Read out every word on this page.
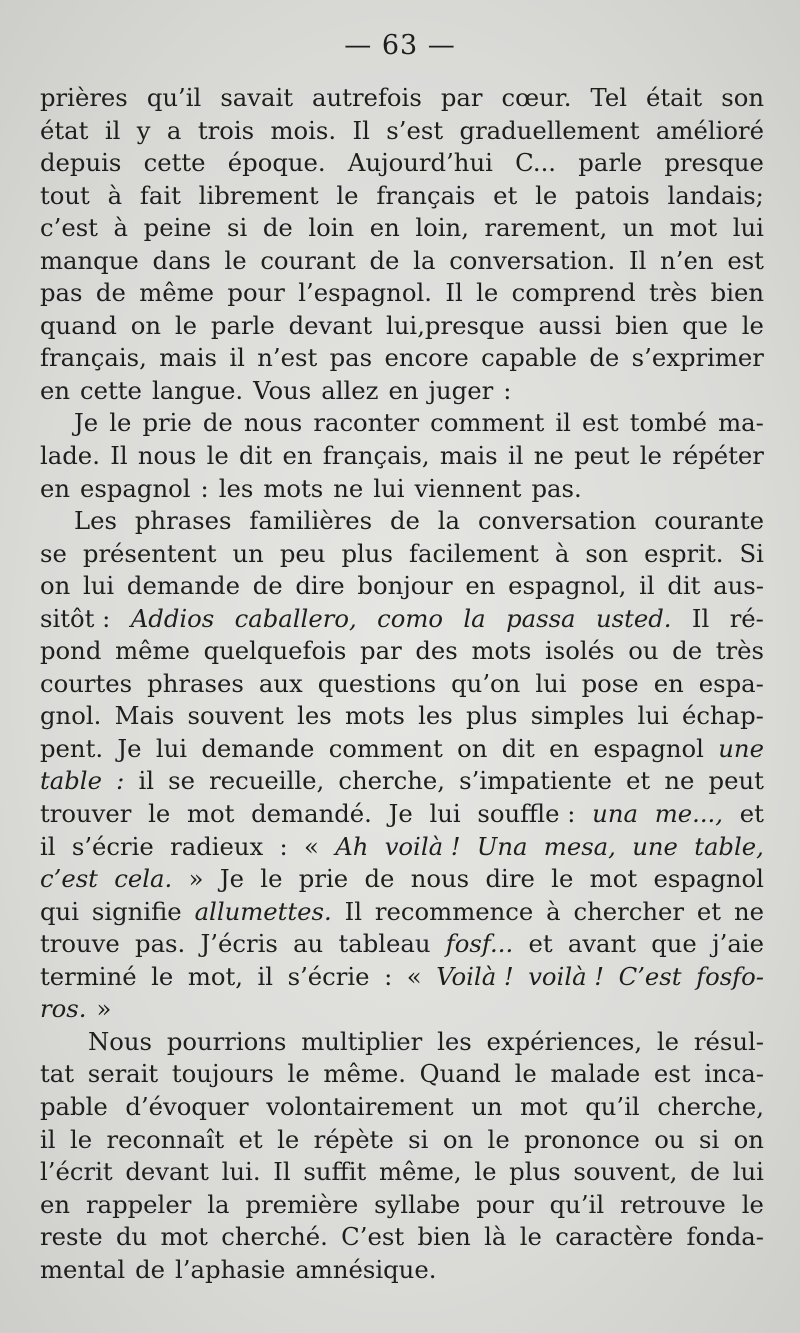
— 63 —
prières qu’il savait autrefois par cœur. Tel était son
état il y a trois mois. Il s’est graduellement amélioré
depuis cette époque. Aujourd’hui C... parle presque
tout à fait librement le français et le patois landais;
c’est à peine si de loin en loin, rarement, un mot lui
manque dans le courant de la conversation. Il n’en est
pas de même pour l’espagnol. Il le comprend très bien
quand on le parle devant lui,presque aussi bien que le
français, mais il n’est pas encore capable de s’exprimer
en cette langue. Vous allez en juger :
Je le prie de nous raconter comment il est tombé ma-
lade. Il nous le dit en français, mais il ne peut le répéter
en espagnol : les mots ne lui viennent pas.
Les phrases familières de la conversation courante
se présentent un peu plus facilement à son esprit. Si
on lui demande de dire bonjour en espagnol, il dit aus-
sitôt : Addios caballero, como la passa usted. Il ré-
pond même quelquefois par des mots isolés ou de très
courtes phrases aux questions qu’on lui pose en espa-
gnol. Mais souvent les mots les plus simples lui échap-
pent. Je lui demande comment on dit en espagnol une
table : il se recueille, cherche, s’impatiente et ne peut
trouver le mot demandé. Je lui souffle : una me..., et
il s’écrie radieux : « Ah voilà ! Una mesa, une table,
c’est cela. » Je le prie de nous dire le mot espagnol
qui signifie allumettes. Il recommence à chercher et ne
trouve pas. J’écris au tableau fosf... et avant que j’aie
terminé le mot, il s’écrie : « Voilà ! voilà ! C’est fosfo-
ros. »
Nous pourrions multiplier les expériences, le résul-
tat serait toujours le même. Quand le malade est inca-
pable d’évoquer volontairement un mot qu’il cherche,
il le reconnaît et le répète si on le prononce ou si on
l’écrit devant lui. Il suffit même, le plus souvent, de lui
en rappeler la première syllabe pour qu’il retrouve le
reste du mot cherché. C’est bien là le caractère fonda-
mental de l’aphasie amnésique.
